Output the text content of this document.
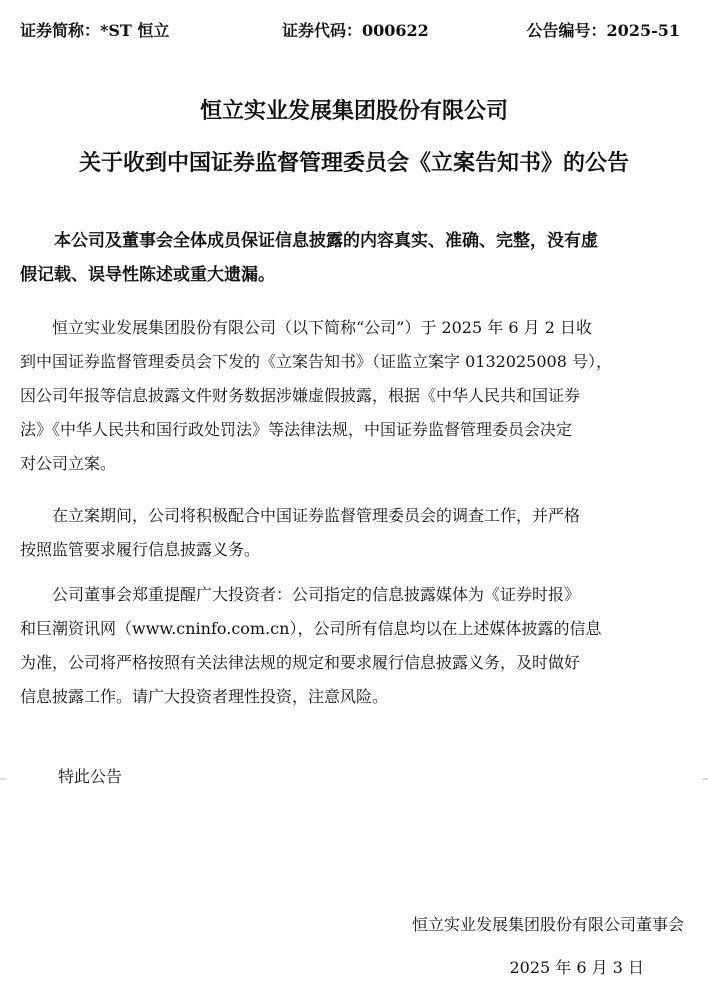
证券简称：*ST 恒立	证券代码：000622	公告编号：2025-51
恒立实业发展集团股份有限公司
关于收到中国证券监督管理委员会《立案告知书》的公告
　　本公司及董事会全体成员保证信息披露的内容真实、准确、完整，没有虚
假记载、误导性陈述或重大遗漏。
　　恒立实业发展集团股份有限公司（以下简称“公司”）于 2025 年 6 月 2 日收
到中国证券监督管理委员会下发的《立案告知书》（证监立案字 0132025008 号），
因公司年报等信息披露文件财务数据涉嫌虚假披露，根据《中华人民共和国证券
法》《中华人民共和国行政处罚法》等法律法规，中国证券监督管理委员会决定
对公司立案。
　　在立案期间，公司将积极配合中国证券监督管理委员会的调查工作，并严格
按照监管要求履行信息披露义务。
　　公司董事会郑重提醒广大投资者：公司指定的信息披露媒体为《证券时报》
和巨潮资讯网（www.cninfo.com.cn），公司所有信息均以在上述媒体披露的信息
为准，公司将严格按照有关法律法规的规定和要求履行信息披露义务，及时做好
信息披露工作。请广大投资者理性投资，注意风险。
特此公告
恒立实业发展集团股份有限公司董事会
2025 年 6 月 3 日
